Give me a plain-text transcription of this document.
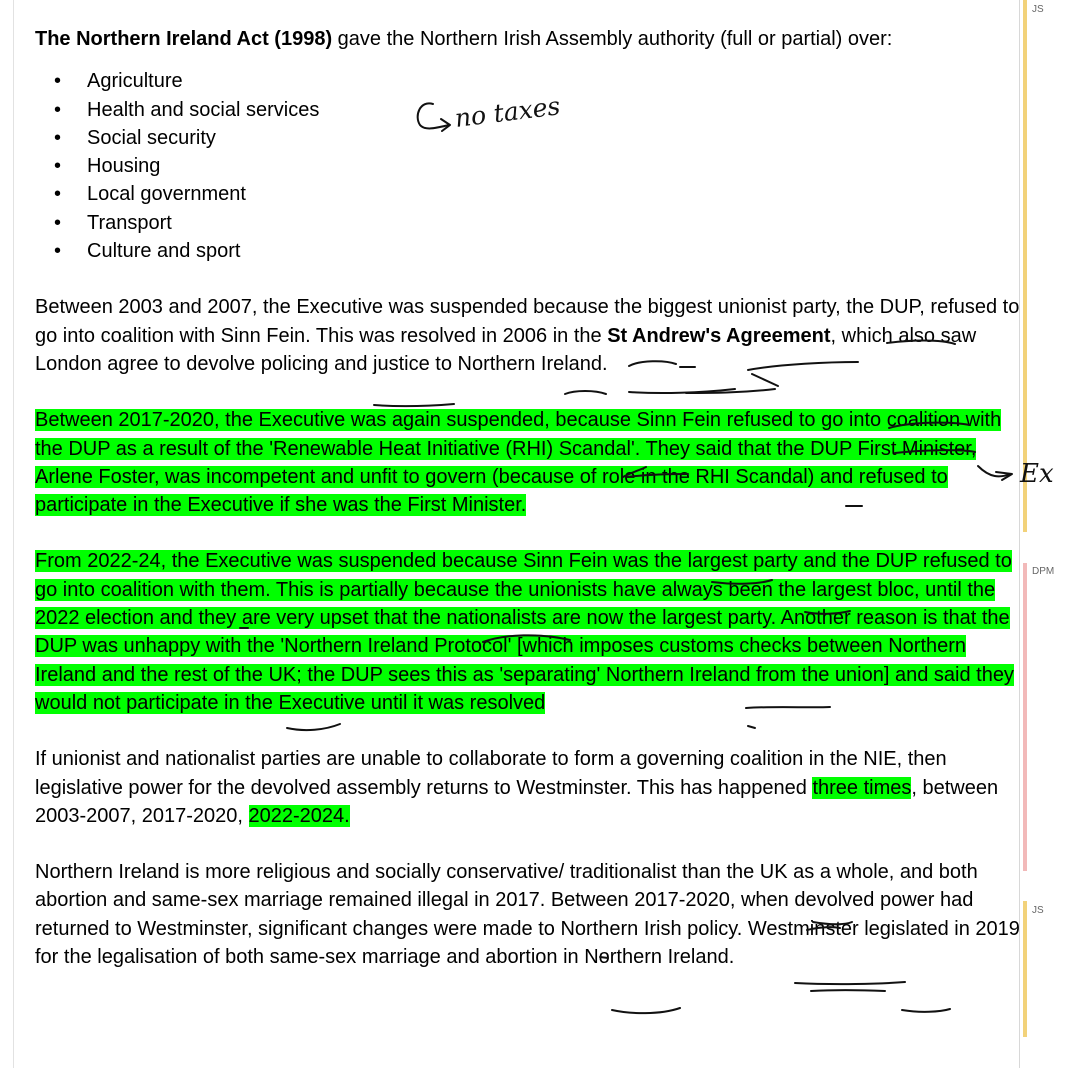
The Northern Ireland Act (1998) gave the Northern Irish Assembly authority (full or partial) over:

• Agriculture
• Health and social services
• Social security
• Housing
• Local government
• Transport
• Culture and sport

Between 2003 and 2007, the Executive was suspended because the biggest unionist party, the DUP, refused to go into coalition with Sinn Fein. This was resolved in 2006 in the St Andrew's Agreement, which also saw London agree to devolve policing and justice to Northern Ireland.

Between 2017-2020, the Executive was again suspended, because Sinn Fein refused to go into coalition with the DUP as a result of the 'Renewable Heat Initiative (RHI) Scandal'. They said that the DUP First Minister, Arlene Foster, was incompetent and unfit to govern (because of role in the RHI Scandal) and refused to participate in the Executive if she was the First Minister.

From 2022-24, the Executive was suspended because Sinn Fein was the largest party and the DUP refused to go into coalition with them. This is partially because the unionists have always been the largest bloc, until the 2022 election and they are very upset that the nationalists are now the largest party. Another reason is that the DUP was unhappy with the 'Northern Ireland Protocol' [which imposes customs checks between Northern Ireland and the rest of the UK; the DUP sees this as 'separating' Northern Ireland from the union] and said they would not participate in the Executive until it was resolved

If unionist and nationalist parties are unable to collaborate to form a governing coalition in the NIE, then legislative power for the devolved assembly returns to Westminster. This has happened three times, between 2003-2007, 2017-2020, 2022-2024.

Northern Ireland is more religious and socially conservative/ traditionalist than the UK as a whole, and both abortion and same-sex marriage remained illegal in 2017. Between 2017-2020, when devolved power had returned to Westminster, significant changes were made to Northern Irish policy. Westminster legislated in 2019 for the legalisation of both same-sex marriage and abortion in Northern Ireland.

JS
DPM
JS
no taxes
Ex
